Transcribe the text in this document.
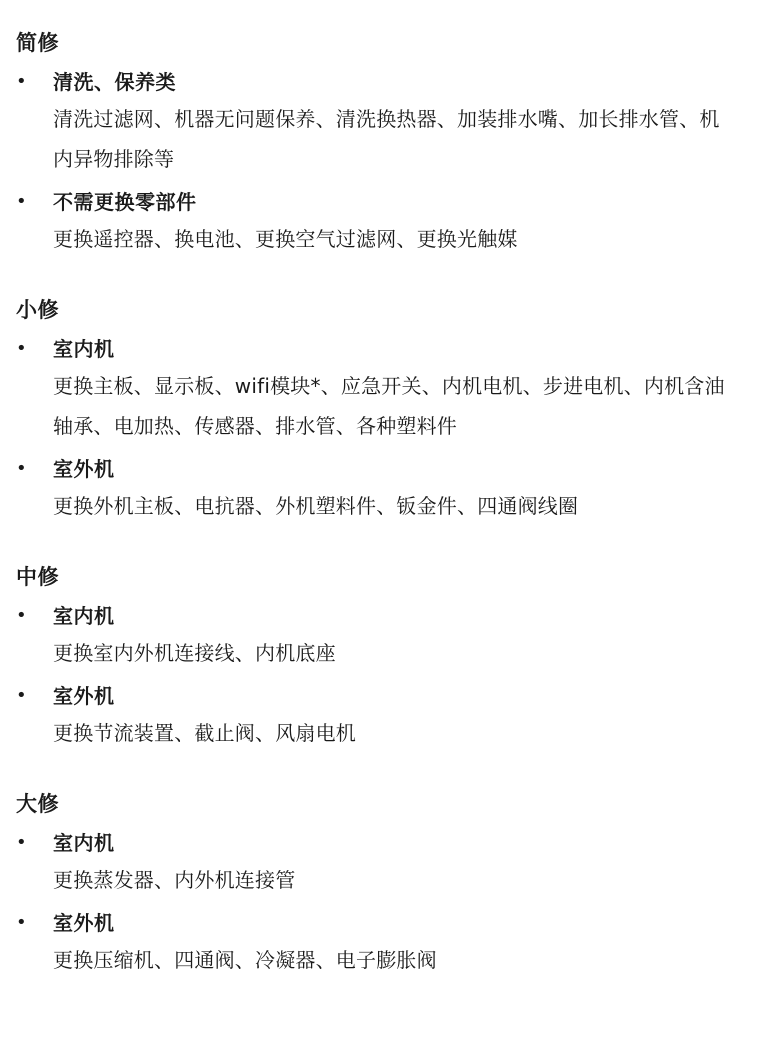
简修
•	清洗、保养类
清洗过滤网、机器无问题保养、清洗换热器、加装排水嘴、加长排水管、机内异物排除等
•	不需更换零部件
更换遥控器、换电池、更换空气过滤网、更换光触媒
小修
•	室内机
更换主板、显示板、wifi模块*、应急开关、内机电机、步进电机、内机含油轴承、电加热、传感器、排水管、各种塑料件
•	室外机
更换外机主板、电抗器、外机塑料件、钣金件、四通阀线圈
中修
•	室内机
更换室内外机连接线、内机底座
•	室外机
更换节流装置、截止阀、风扇电机
大修
•	室内机
更换蒸发器、内外机连接管
•	室外机
更换压缩机、四通阀、冷凝器、电子膨胀阀
